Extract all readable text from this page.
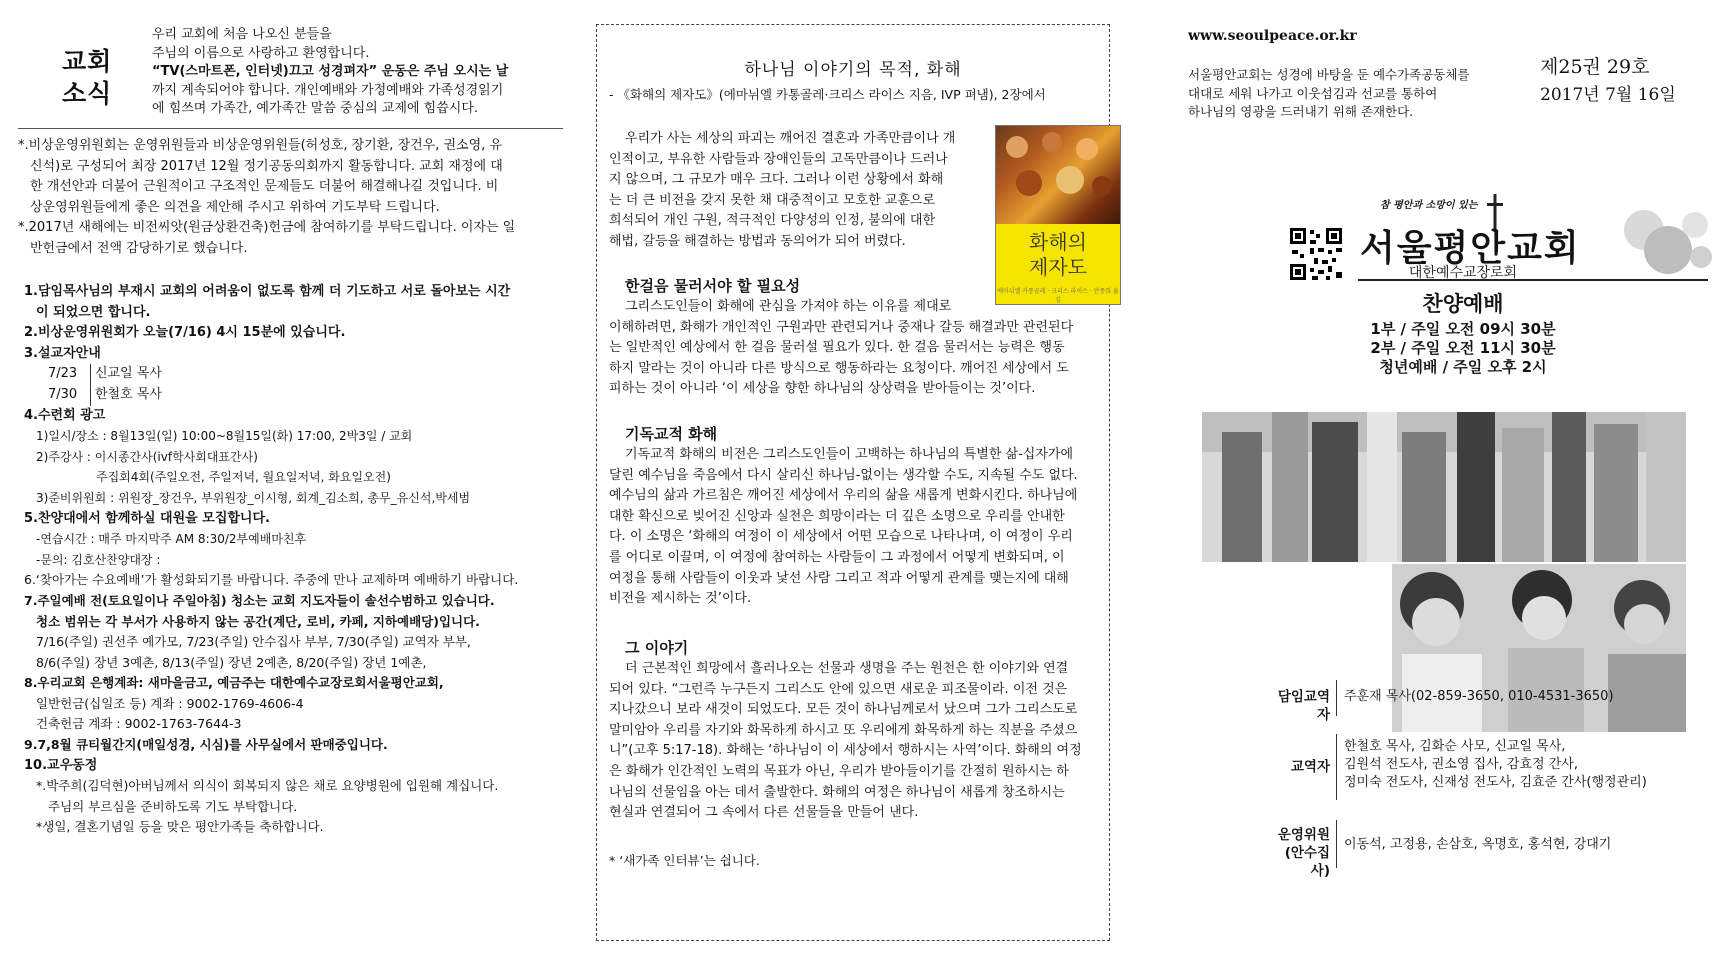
교회
소식
우리 교회에 처음 나오신 분들을
주님의 이름으로 사랑하고 환영합니다.
“TV(스마트폰, 인터넷)끄고 성경펴자” 운동은 주님 오시는 날
까지 계속되어야 합니다. 개인예배와 가정예배와 가족성경읽기
에 힘쓰며 가족간, 예가족간 말씀 중심의 교제에 힘씁시다.
*.비상운영위원회는 운영위원들과 비상운영위원들(허성호, 장기환, 장건우, 권소영, 유
신석)로 구성되어 최장 2017년 12월 정기공동의회까지 활동합니다. 교회 재정에 대
한 개선안과 더불어 근원적이고 구조적인 문제들도 더불어 해결해나길 것입니다. 비
상운영위원들에게 좋은 의견을 제안해 주시고 위하여 기도부탁 드립니다.
*.2017년 새해에는 비전씨앗(원금상환건축)헌금에 참여하기를 부탁드립니다. 이자는 일
반헌금에서 전액 감당하기로 했습니다.
1.담임목사님의 부재시 교회의 어려움이 없도록 함께 더 기도하고 서로 돌아보는 시간
이 되었으면 합니다.
2.비상운영위원회가 오늘(7/16) 4시 15분에 있습니다.
3.설교자안내
7/23 신교일 목사
7/30 한철호 목사
4.수련회 광고
1)일시/장소 : 8월13일(일) 10:00~8월15일(화) 17:00, 2박3일 / 교회
2)주강사 : 이시종간사(ivf학사회대표간사)
주집회4회(주일오전, 주일저녁, 월요일저녁, 화요일오전)
3)준비위원회 : 위원장_장건우, 부위원장_이시형, 회계_김소희, 총무_유신석,박세범
5.찬양대에서 함께하실 대원을 모집합니다.
-연습시간 : 매주 마지막주 AM 8:30/2부예배마친후
-문의: 김호산찬양대장 :
6.‘찾아가는 수요예배’가 활성화되기를 바랍니다. 주중에 만나 교제하며 예배하기 바랍니다.
7.주일예배 전(토요일이나 주일아침) 청소는 교회 지도자들이 솔선수범하고 있습니다.
청소 범위는 각 부서가 사용하지 않는 공간(계단, 로비, 카페, 지하예배당)입니다.
7/16(주일) 권선주 예가모, 7/23(주일) 안수집사 부부, 7/30(주일) 교역자 부부,
8/6(주일) 장년 3예촌, 8/13(주일) 장년 2예촌, 8/20(주일) 장년 1예촌,
8.우리교회 은행계좌: 새마을금고, 예금주는 대한예수교장로회서울평안교회,
일반헌금(십일조 등) 계좌 : 9002-1769-4606-4
건축헌금 계좌 : 9002-1763-7644-3
9.7,8월 큐티월간지(매일성경, 시심)를 사무실에서 판매중입니다.
10.교우동정
*.박주희(김덕현)아버님께서 의식이 회복되지 않은 채로 요양병원에 입원해 계십니다.
주님의 부르심을 준비하도록 기도 부탁합니다.
*생일, 결혼기념일 등을 맞은 평안가족들 축하합니다.
하나님 이야기의 목적, 화해
- 《화해의 제자도》(에마뉘엘 카통골레·크리스 라이스 지음, IVP 펴냄), 2장에서
화해의
제자도
에마뉘엘 카통골레 · 크리스 라이스 · 안종희 옮김
우리가 사는 세상의 파괴는 깨어진 결혼과 가족만큼이나 개
인적이고, 부유한 사람들과 장애인들의 고독만큼이나 드러나
지 않으며, 그 규모가 매우 크다. 그러나 이런 상황에서 화해
는 더 큰 비전을 갖지 못한 채 대중적이고 모호한 교훈으로
희석되어 개인 구원, 적극적인 다양성의 인정, 불의에 대한
해법, 갈등을 해결하는 방법과 동의어가 되어 버렸다.
한걸음 물러서야 할 필요성
그리스도인들이 화해에 관심을 가져야 하는 이유를 제대로
이해하려면, 화해가 개인적인 구원과만 관련되거나 중재나 갈등 해결과만 관련된다
는 일반적인 예상에서 한 걸음 물러설 필요가 있다. 한 걸음 물러서는 능력은 행동
하지 말라는 것이 아니라 다른 방식으로 행동하라는 요청이다. 깨어진 세상에서 도
피하는 것이 아니라 ‘이 세상을 향한 하나님의 상상력을 받아들이는 것’이다.
기독교적 화해
기독교적 화해의 비전은 그리스도인들이 고백하는 하나님의 특별한 삶-십자가에
달린 예수님을 죽음에서 다시 살리신 하나님-없이는 생각할 수도, 지속될 수도 없다.
예수님의 삶과 가르침은 깨어진 세상에서 우리의 삶을 새롭게 변화시킨다. 하나님에
대한 확신으로 빚어진 신앙과 실천은 희망이라는 더 깊은 소명으로 우리를 안내한
다. 이 소명은 ‘화해의 여정이 이 세상에서 어떤 모습으로 나타나며, 이 여정이 우리
를 어디로 이끌며, 이 여정에 참여하는 사람들이 그 과정에서 어떻게 변화되며, 이
여정을 통해 사람들이 이웃과 낯선 사람 그리고 적과 어떻게 관계를 맺는지에 대해
비전을 제시하는 것’이다.
그 이야기
더 근본적인 희망에서 흘러나오는 선물과 생명을 주는 원천은 한 이야기와 연결
되어 있다. “그런즉 누구든지 그리스도 안에 있으면 새로운 피조물이라. 이전 것은
지나갔으니 보라 새것이 되었도다. 모든 것이 하나님께로서 났으며 그가 그리스도로
말미암아 우리를 자기와 화목하게 하시고 또 우리에게 화목하게 하는 직분을 주셨으
니”(고후 5:17-18). 화해는 ‘하나님이 이 세상에서 행하시는 사역’이다. 화해의 여정
은 화해가 인간적인 노력의 목표가 아닌, 우리가 받아들이기를 간절히 원하시는 하
나님의 선물임을 아는 데서 출발한다. 화해의 여정은 하나님이 새롭게 창조하시는
현실과 연결되어 그 속에서 다른 선물들을 만들어 낸다.
* ‘새가족 인터뷰’는 쉽니다.
www.seoulpeace.or.kr
제25권 29호
2017년 7월 16일
서울평안교회는 성경에 바탕을 둔 예수가족공동체를
대대로 세워 나가고 이웃섬김과 선교를 통하여
하나님의 영광을 드러내기 위해 존재한다.
참 평안과 소망이 있는
서울평안교회
대한예수교장로회
찬양예배
1부 / 주일 오전 09시 30분
2부 / 주일 오전 11시 30분
청년예배 / 주일 오후 2시
담임교역자
주훈재 목사(02-859-3650, 010-4531-3650)
교역자
한철호 목사, 김화순 사모, 신교일 목사,
김원석 전도사, 권소영 집사, 감효정 간사,
정미숙 전도사, 신재성 전도사, 김효준 간사(행정관리)
운영위원
(안수집사)
이동석, 고정용, 손삼호, 옥명호, 홍석현, 강대기
